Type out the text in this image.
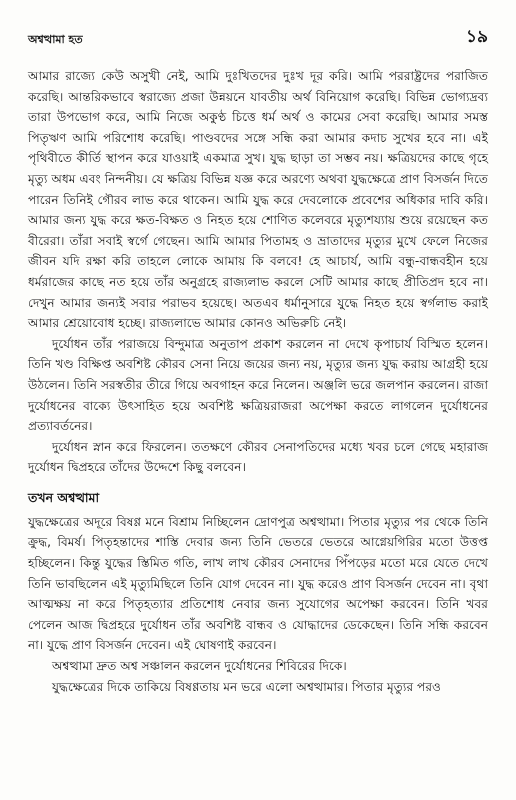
অশ্বত্থামা হত	১৯

আমার রাজ্যে কেউ অসুখী নেই, আমি দুঃখিতদের দুঃখ দূর করি। আমি পররাষ্ট্রদের পরাজিত করেছি। আন্তরিকভাবে স্বরাজ্যে প্রজা উন্নয়নে যাবতীয় অর্থ বিনিয়োগ করেছি। বিভিন্ন ভোগ্যদ্রব্য তারা উপভোগ করে, আমি নিজে অকুণ্ঠ চিত্তে ধর্ম অর্থ ও কামের সেবা করেছি। আমার সমস্ত পিতৃঋণ আমি পরিশোধ করেছি। পাণ্ডবদের সঙ্গে সন্ধি করা আমার কদাচ সুখের হবে না। এই পৃথিবীতে কীর্তি স্থাপন করে যাওয়াই একমাত্র সুখ। যুদ্ধ ছাড়া তা সম্ভব নয়। ক্ষত্রিয়দের কাছে গৃহে মৃত্যু অধম এবং নিন্দনীয়। যে ক্ষত্রিয় বিভিন্ন যজ্ঞ করে অরণ্যে অথবা যুদ্ধক্ষেত্রে প্রাণ বিসর্জন দিতে পারেন তিনিই গৌরব লাভ করে থাকেন। আমি যুদ্ধ করে দেবলোকে প্রবেশের অধিকার দাবি করি। আমার জন্য যুদ্ধ করে ক্ষত-বিক্ষত ও নিহত হয়ে শোণিত কলেবরে মৃত্যুশয্যায় শুয়ে রয়েছেন কত বীরেরা। তাঁরা সবাই স্বর্গে গেছেন। আমি আমার পিতামহ ও ভ্রাতাদের মৃত্যুর মুখে ফেলে নিজের জীবন যদি রক্ষা করি তাহলে লোকে আমায় কি বলবে! হে আচার্য, আমি বন্ধু-বান্ধবহীন হয়ে ধর্মরাজের কাছে নত হয়ে তাঁর অনুগ্রহে রাজ্যলাভ করলে সেটি আমার কাছে প্রীতিপ্রদ হবে না। দেখুন আমার জন্যই সবার পরাভব হয়েছে। অতএব ধর্মানুসারে যুদ্ধে নিহত হয়ে স্বর্গলাভ করাই আমার শ্রেয়োবোধ হচ্ছে। রাজ্যলাভে আমার কোনও অভিরুচি নেই।

দুর্যোধন তাঁর পরাজয়ে বিন্দুমাত্র অনুতাপ প্রকাশ করলেন না দেখে কৃপাচার্য বিস্মিত হলেন। তিনি খণ্ড বিক্ষিপ্ত অবশিষ্ট কৌরব সেনা নিয়ে জয়ের জন্য নয়, মৃত্যুর জন্য যুদ্ধ করায় আগ্রহী হয়ে উঠলেন। তিনি সরস্বতীর তীরে গিয়ে অবগাহন করে নিলেন। অঞ্জলি ভরে জলপান করলেন। রাজা দুর্যোধনের বাক্যে উৎসাহিত হয়ে অবশিষ্ট ক্ষত্রিয়রাজরা অপেক্ষা করতে লাগলেন দুর্যোধনের প্রত্যাবর্তনের।

দুর্যোধন স্নান করে ফিরলেন। ততক্ষণে কৌরব সেনাপতিদের মধ্যে খবর চলে গেছে মহারাজ দুর্যোধন দ্বিপ্রহরে তাঁদের উদ্দেশে কিছু বলবেন।

তখন অশ্বত্থামা

যুদ্ধক্ষেত্রের অদূরে বিষণ্ণ মনে বিশ্রাম নিচ্ছিলেন দ্রোণপুত্র অশ্বত্থামা। পিতার মৃত্যুর পর থেকে তিনি ক্রুদ্ধ, বিমর্ষ। পিতৃহন্তাদের শাস্তি দেবার জন্য তিনি ভেতরে ভেতরে আগ্নেয়গিরির মতো উত্তপ্ত হচ্ছিলেন। কিন্তু যুদ্ধের স্তিমিত গতি, লাখ লাখ কৌরব সেনাদের পিঁপড়ের মতো মরে যেতে দেখে তিনি ভাবছিলেন এই মৃত্যুমিছিলে তিনি যোগ দেবেন না। যুদ্ধ করেও প্রাণ বিসর্জন দেবেন না। বৃথা আত্মক্ষয় না করে পিতৃহত্যার প্রতিশোধ নেবার জন্য সুযোগের অপেক্ষা করবেন। তিনি খবর পেলেন আজ দ্বিপ্রহরে দুর্যোধন তাঁর অবশিষ্ট বান্ধব ও যোদ্ধাদের ডেকেছেন। তিনি সন্ধি করবেন না। যুদ্ধে প্রাণ বিসর্জন দেবেন। এই ঘোষণাই করবেন।

অশ্বত্থামা দ্রুত অশ্ব সঞ্চালন করলেন দুর্যোধনের শিবিরের দিকে।

যুদ্ধক্ষেত্রের দিকে তাকিয়ে বিষণ্ণতায় মন ভরে এলো অশ্বত্থামার। পিতার মৃত্যুর পরও
